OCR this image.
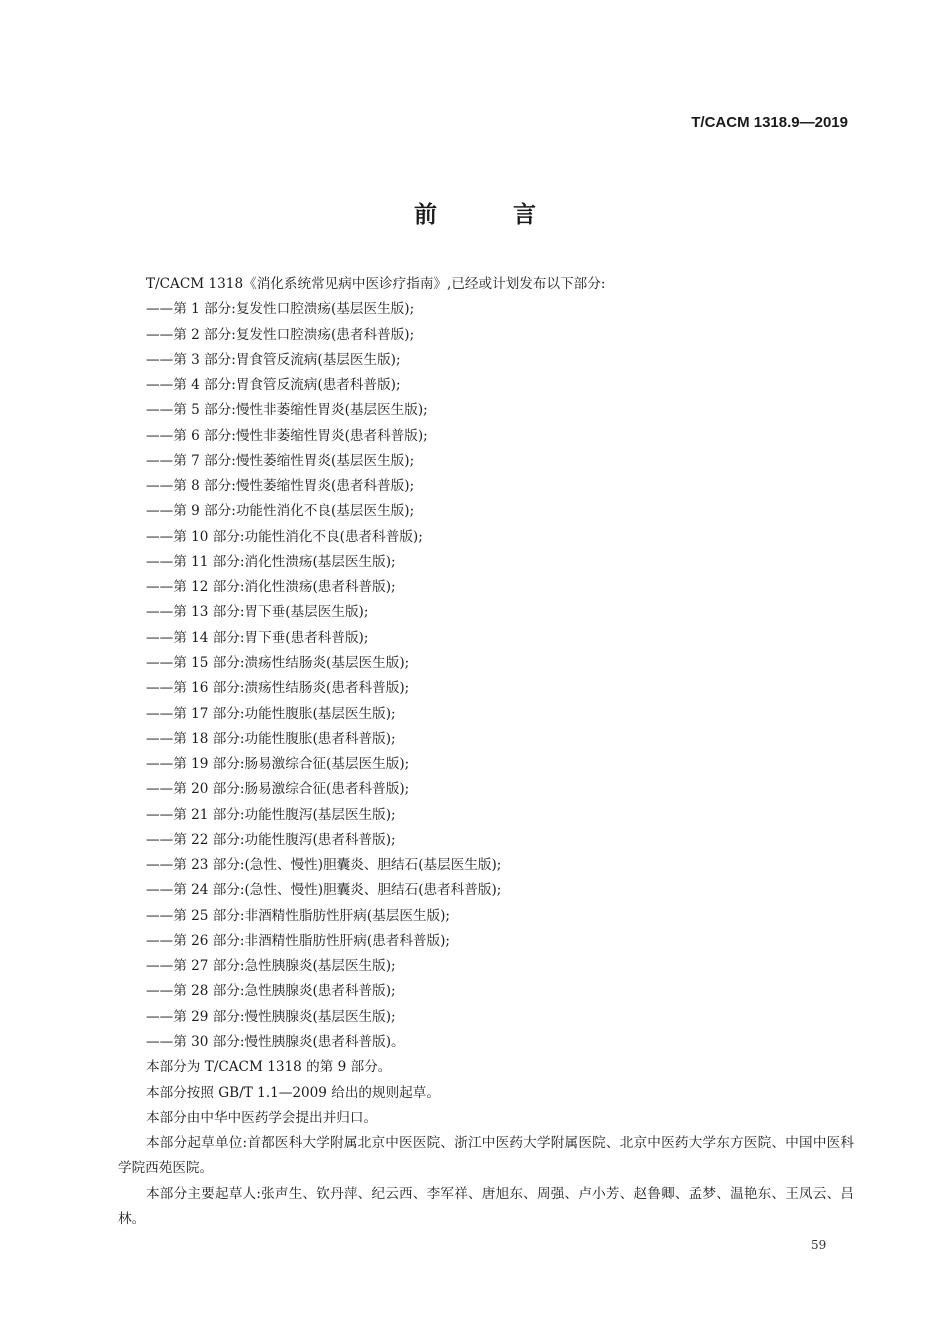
T/CACM 1318.9—2019
前 言

T/CACM 1318《消化系统常见病中医诊疗指南》,已经或计划发布以下部分:

——第 1 部分:复发性口腔溃疡(基层医生版);

——第 2 部分:复发性口腔溃疡(患者科普版);

——第 3 部分:胃食管反流病(基层医生版);

——第 4 部分:胃食管反流病(患者科普版);

——第 5 部分:慢性非萎缩性胃炎(基层医生版);

——第 6 部分:慢性非萎缩性胃炎(患者科普版);

——第 7 部分:慢性萎缩性胃炎(基层医生版);

——第 8 部分:慢性萎缩性胃炎(患者科普版);

——第 9 部分:功能性消化不良(基层医生版);

——第 10 部分:功能性消化不良(患者科普版);

——第 11 部分:消化性溃疡(基层医生版);

——第 12 部分:消化性溃疡(患者科普版);

——第 13 部分:胃下垂(基层医生版);

——第 14 部分:胃下垂(患者科普版);

——第 15 部分:溃疡性结肠炎(基层医生版);

——第 16 部分:溃疡性结肠炎(患者科普版);

——第 17 部分:功能性腹胀(基层医生版);

——第 18 部分:功能性腹胀(患者科普版);

——第 19 部分:肠易激综合征(基层医生版);

——第 20 部分:肠易激综合征(患者科普版);

——第 21 部分:功能性腹泻(基层医生版);

——第 22 部分:功能性腹泻(患者科普版);

——第 23 部分:(急性、慢性)胆囊炎、胆结石(基层医生版);

——第 24 部分:(急性、慢性)胆囊炎、胆结石(患者科普版);

——第 25 部分:非酒精性脂肪性肝病(基层医生版);

——第 26 部分:非酒精性脂肪性肝病(患者科普版);

——第 27 部分:急性胰腺炎(基层医生版);

——第 28 部分:急性胰腺炎(患者科普版);

——第 29 部分:慢性胰腺炎(基层医生版);

——第 30 部分:慢性胰腺炎(患者科普版)。

本部分为 T/CACM 1318 的第 9 部分。

本部分按照 GB/T 1.1—2009 给出的规则起草。

本部分由中华中医药学会提出并归口。

本部分起草单位:首都医科大学附属北京中医医院、浙江中医药大学附属医院、北京中医药大学东方医院、中国中医科学院西苑医院。

本部分主要起草人:张声生、钦丹萍、纪云西、李军祥、唐旭东、周强、卢小芳、赵鲁卿、孟梦、温艳东、王凤云、吕林。

59
